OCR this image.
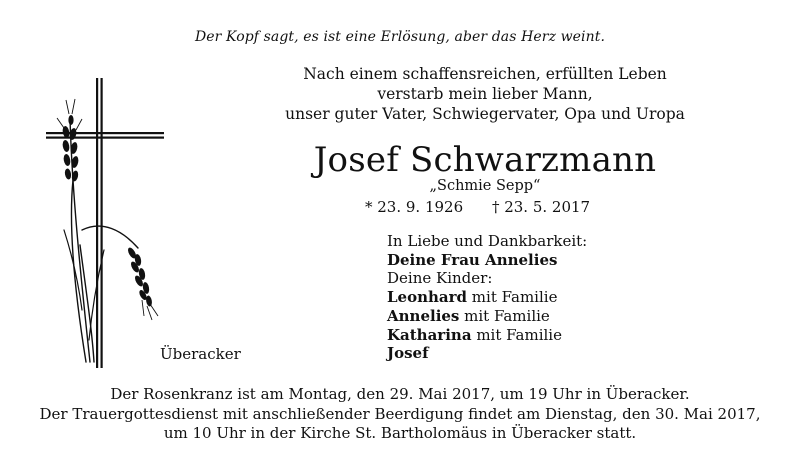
Der Kopf sagt, es ist eine Erlösung, aber das Herz weint.
Nach einem schaffensreichen, erfüllten Leben
verstarb mein lieber Mann,
unser guter Vater, Schwiegervater, Opa und Uropa
Josef Schwarzmann
„Schmie Sepp“
* 23. 9. 1926 † 23. 5. 2017
In Liebe und Dankbarkeit:
Deine Frau Annelies
Deine Kinder:
Leonhard mit Familie
Annelies mit Familie
Katharina mit Familie
Josef
Überacker
Der Rosenkranz ist am Montag, den 29. Mai 2017, um 19 Uhr in Überacker.
Der Trauergottesdienst mit anschließender Beerdigung findet am Dienstag, den 30. Mai 2017,
um 10 Uhr in der Kirche St. Bartholomäus in Überacker statt.
